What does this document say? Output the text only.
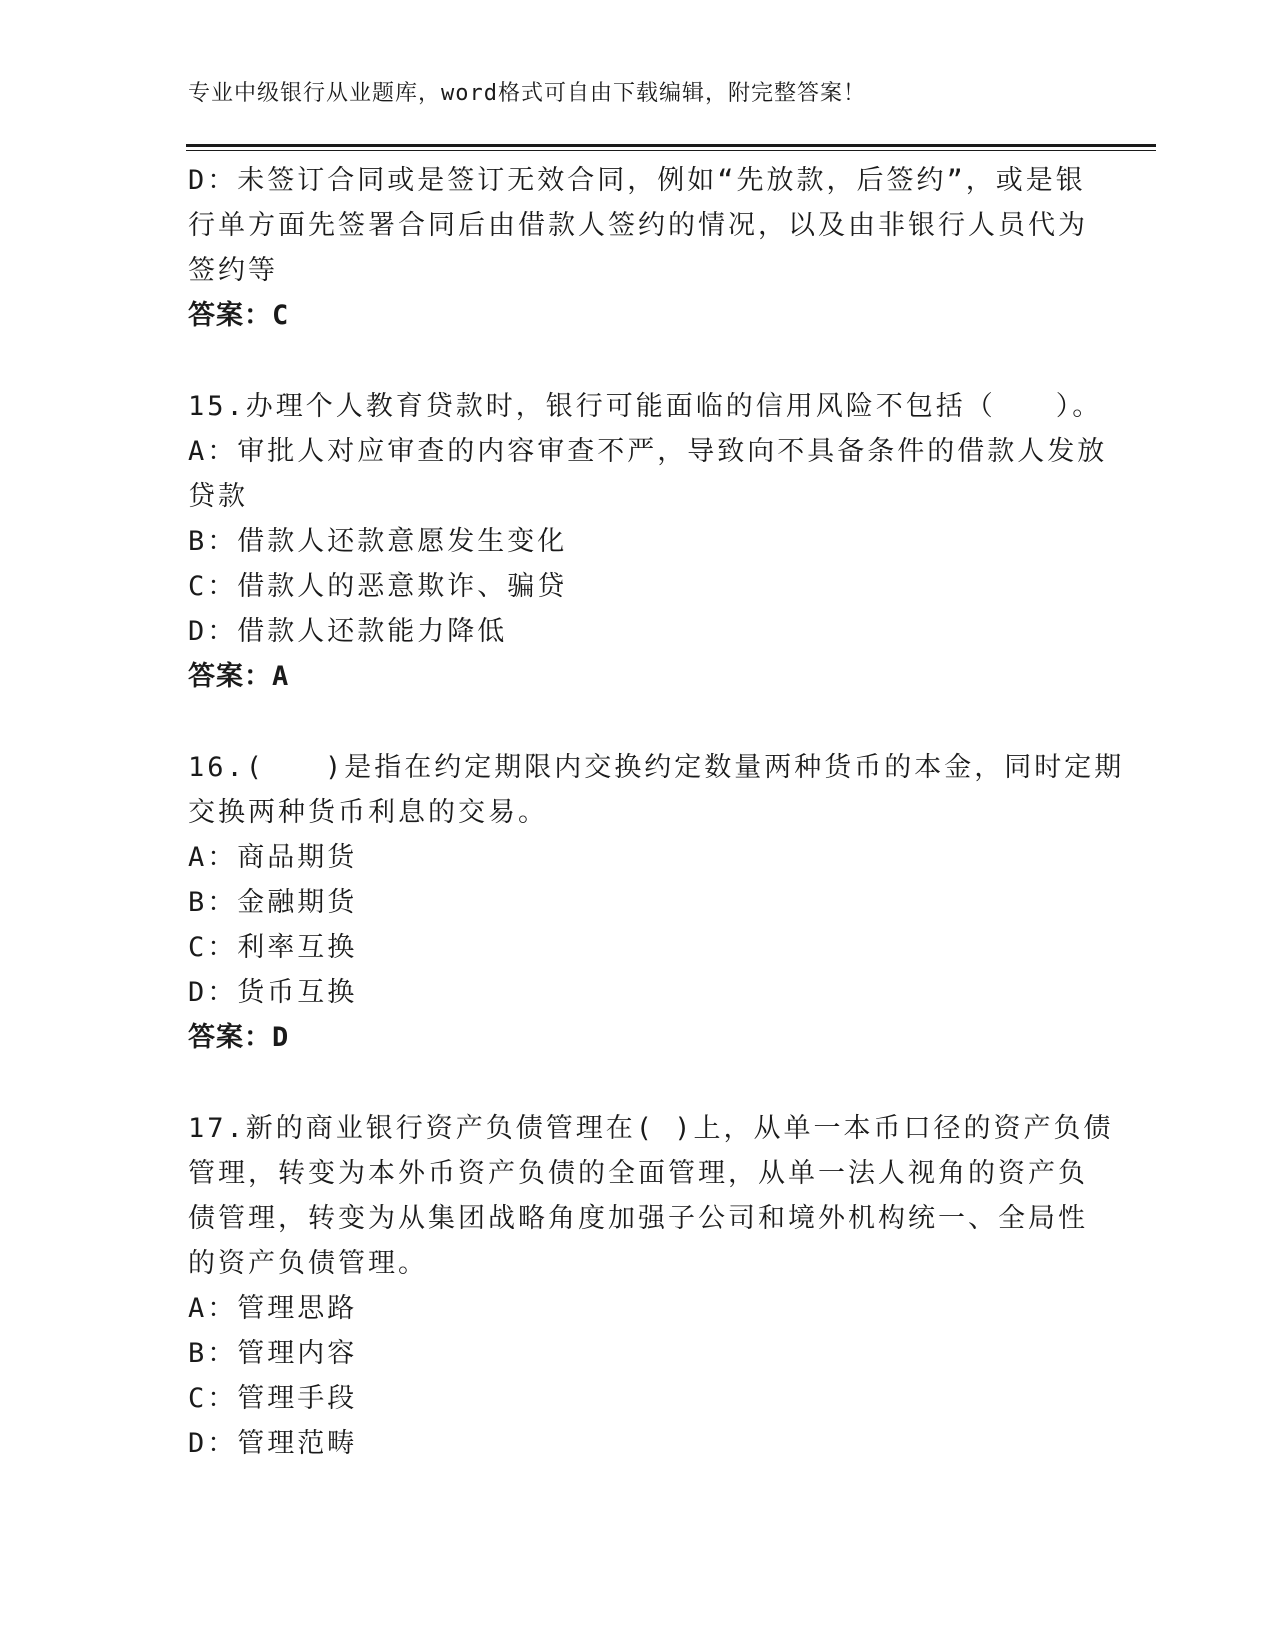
专业中级银行从业题库，word格式可自由下载编辑，附完整答案！
D：未签订合同或是签订无效合同，例如“先放款，后签约”，或是银
行单方面先签署合同后由借款人签约的情况，以及由非银行人员代为
签约等
答案：C
15.办理个人教育贷款时，银行可能面临的信用风险不包括（　　）。
A：审批人对应审查的内容审查不严，导致向不具备条件的借款人发放
贷款
B：借款人还款意愿发生变化
C：借款人的恶意欺诈、骗贷
D：借款人还款能力降低
答案：A
16.(　　)是指在约定期限内交换约定数量两种货币的本金，同时定期
交换两种货币利息的交易。
A：商品期货
B：金融期货
C：利率互换
D：货币互换
答案：D
17.新的商业银行资产负债管理在( )上，从单一本币口径的资产负债
管理，转变为本外币资产负债的全面管理，从单一法人视角的资产负
债管理，转变为从集团战略角度加强子公司和境外机构统一、全局性
的资产负债管理。
A：管理思路
B：管理内容
C：管理手段
D：管理范畴
